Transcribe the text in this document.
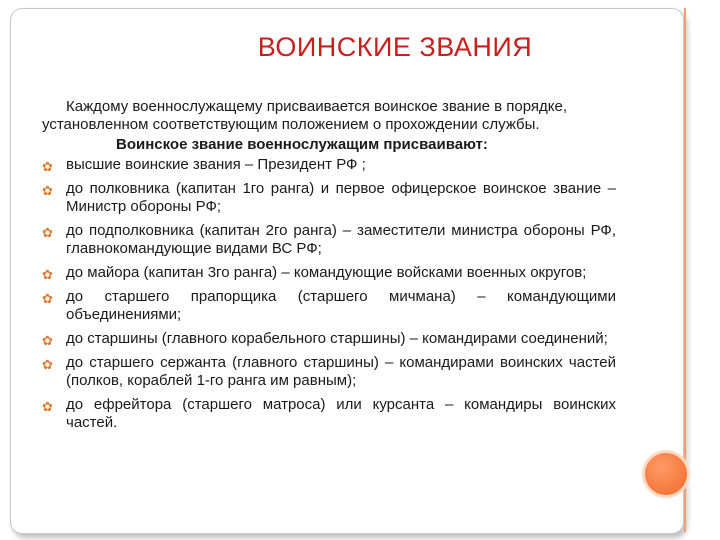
ВОИНСКИЕ ЗВАНИЯ

Каждому военнослужащему присваивается воинское звание в порядке, установленном соответствующим положением о прохождении службы.

Воинское звание военнослужащим присваивают:
✿ высшие воинские звания – Президент РФ ;
✿ до полковника (капитан 1го ранга) и первое офицерское воинское звание – Министр обороны РФ;
✿ до подполковника (капитан 2го ранга) – заместители министра обороны РФ, главнокомандующие видами ВС РФ;
✿ до майора (капитан 3го ранга) – командующие войсками военных округов;
✿ до старшего прапорщика (старшего мичмана) – командующими объединениями;
✿ до старшины (главного корабельного старшины) – командирами соединений;
✿ до старшего сержанта (главного старшины) – командирами воинских частей (полков, кораблей 1-го ранга им равным);
✿ до ефрейтора (старшего матроса) или курсанта – командиры воинских частей.
